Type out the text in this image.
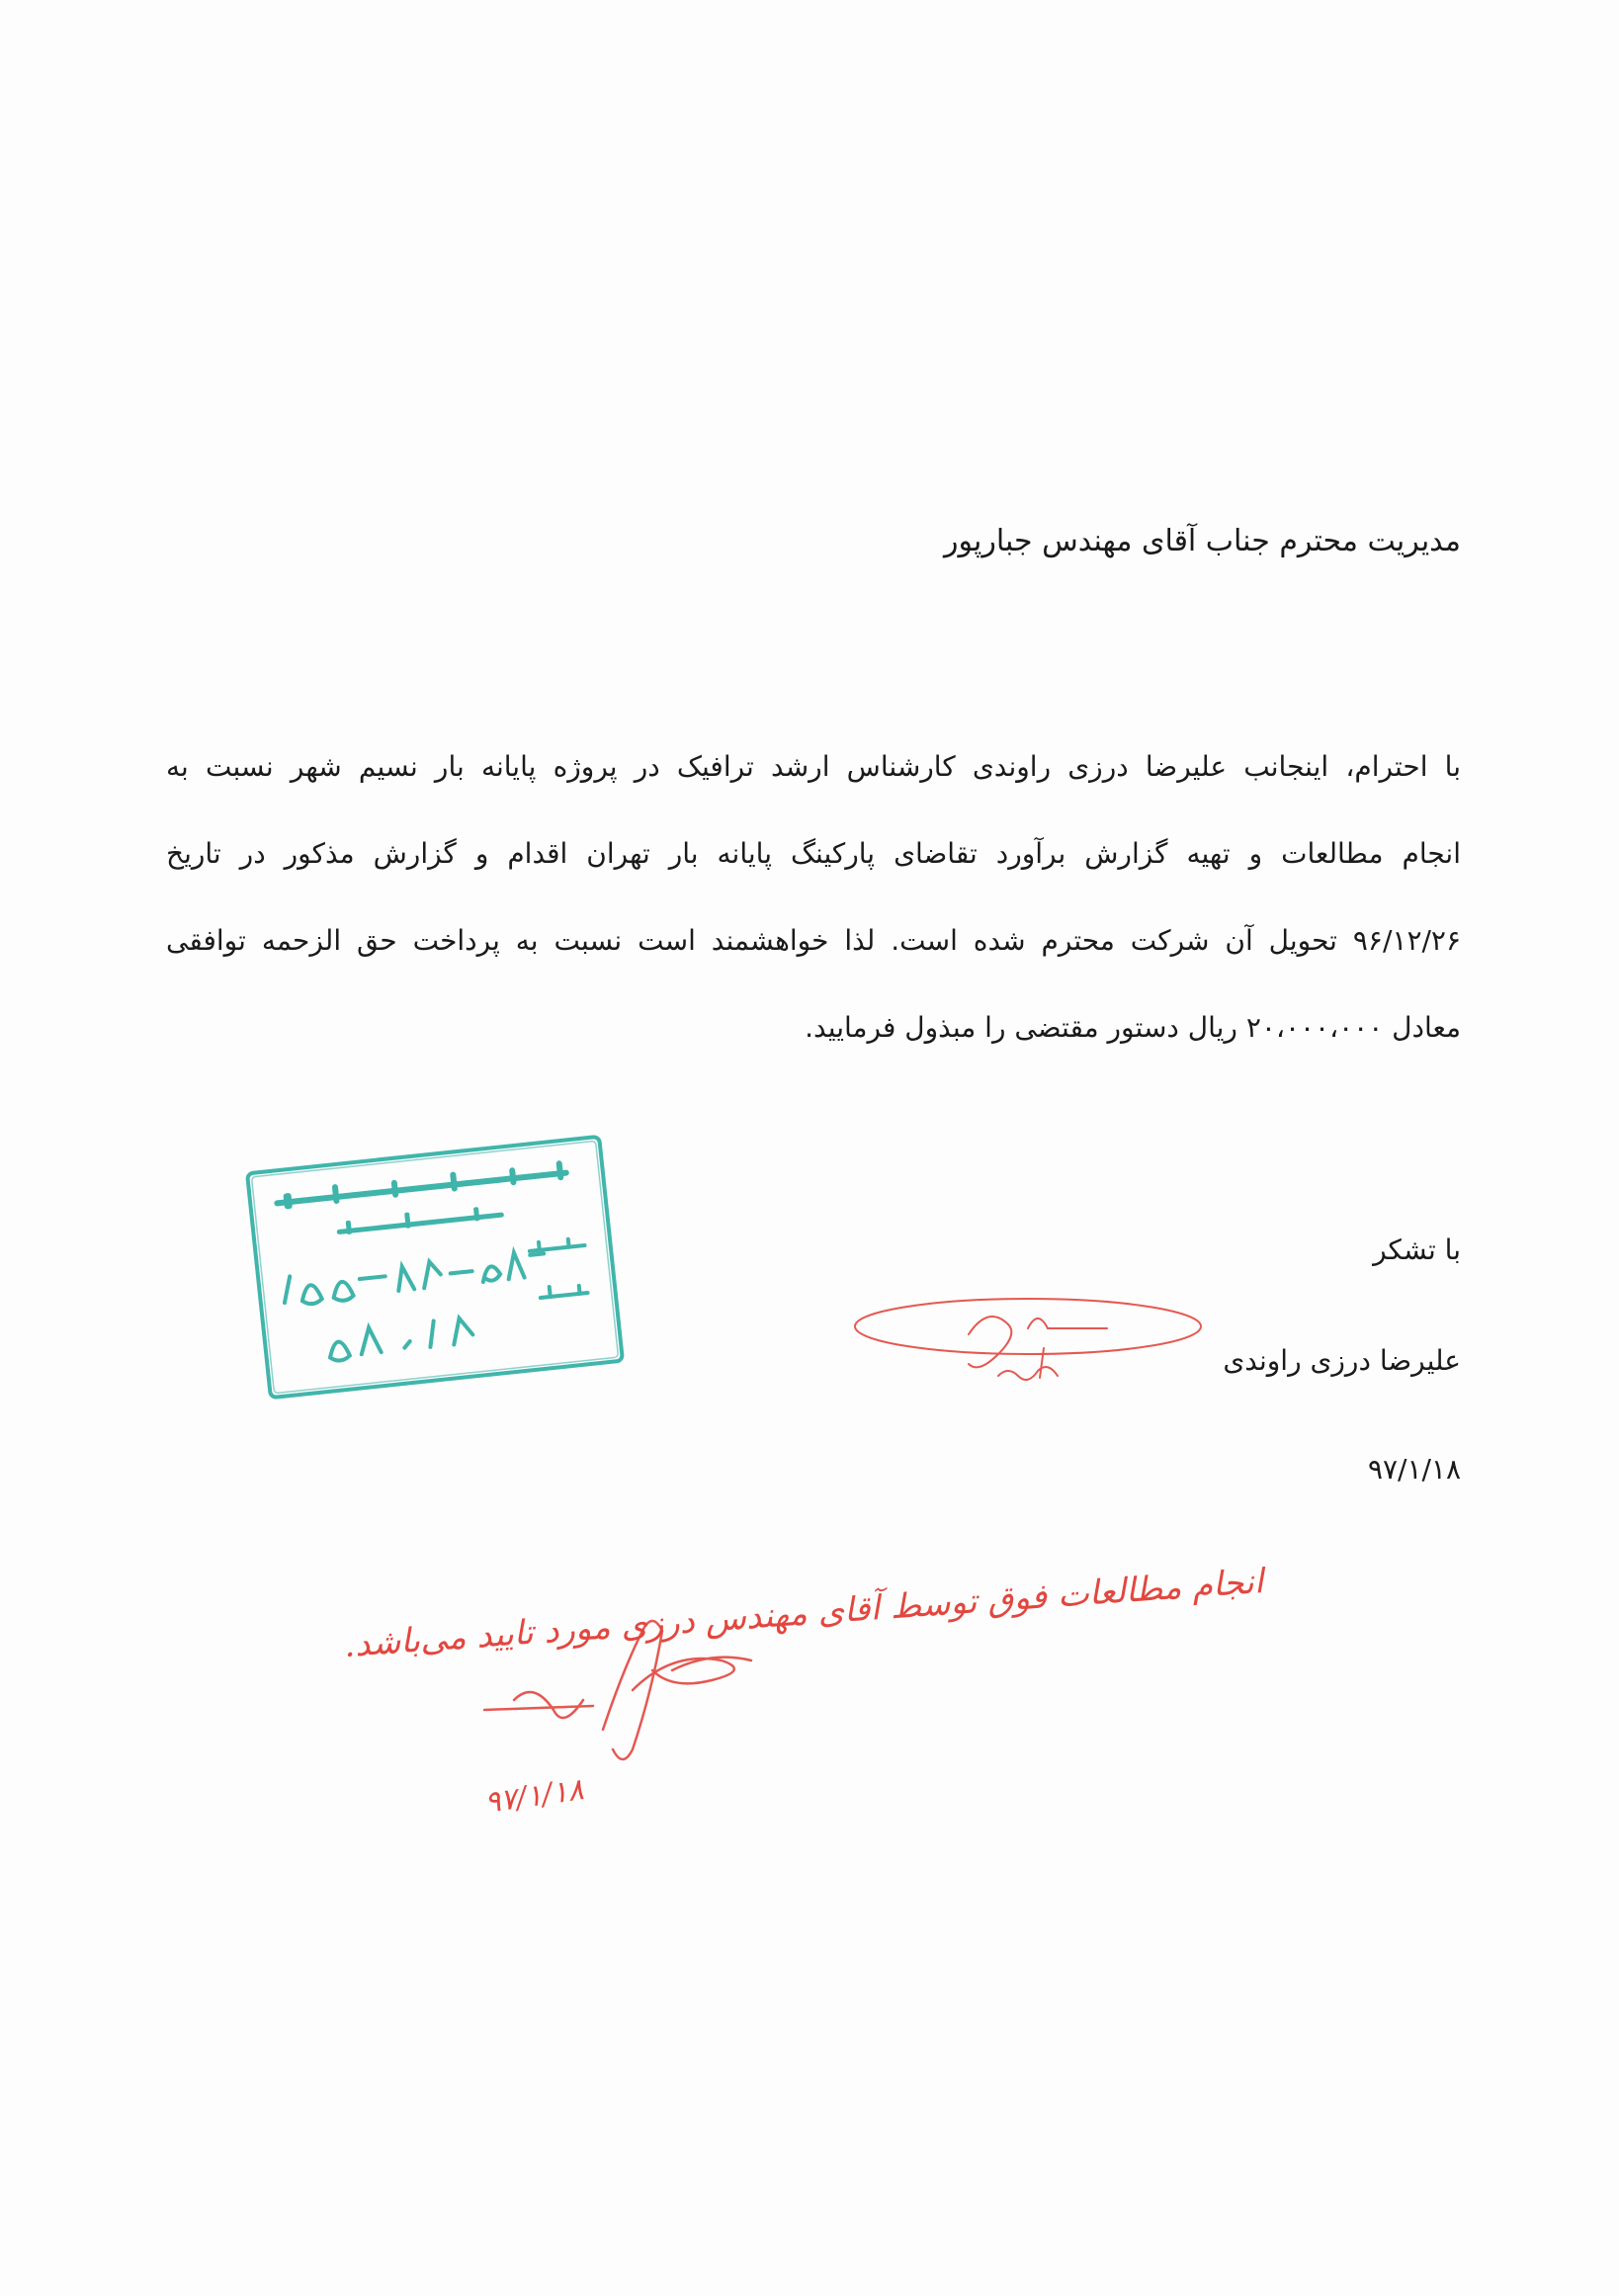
مدیریت محترم جناب آقای مهندس جبارپور
با احترام، اینجانب علیرضا درزی راوندی کارشناس ارشد ترافیک در پروژه پایانه بار نسیم شهر نسبت به
انجام مطالعات و تهیه گزارش برآورد تقاضای پارکینگ پایانه بار تهران اقدام و گزارش مذکور در تاریخ
۹۶/۱۲/۲۶ تحویل آن شرکت محترم شده است. لذا خواهشمند است نسبت به پرداخت حق الزحمه توافقی
معادل ۲۰،۰۰۰،۰۰۰ ریال دستور مقتضی را مبذول فرمایید.
با تشکر
علیرضا درزی راوندی
۹۷/۱/۱۸
انجام مطالعات فوق توسط آقای مهندس درزی مورد تایید می‌باشد.
۹۷/۱/۱۸
